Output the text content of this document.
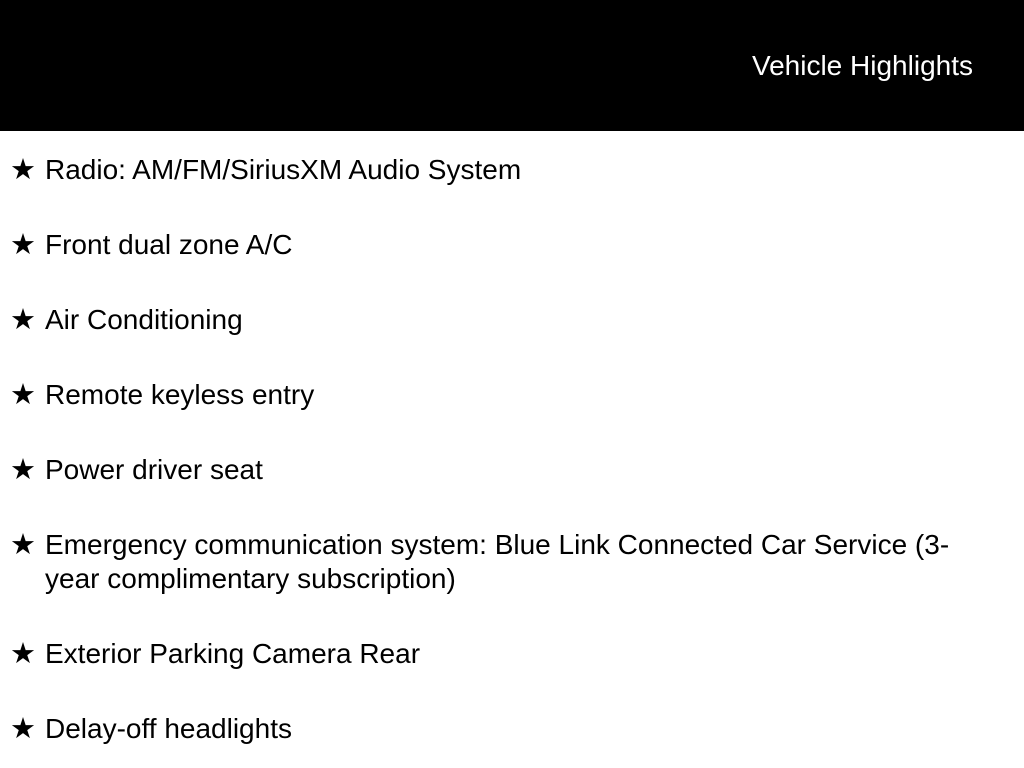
Vehicle Highlights
★ Radio: AM/FM/SiriusXM Audio System
★ Front dual zone A/C
★ Air Conditioning
★ Remote keyless entry
★ Power driver seat
★ Emergency communication system: Blue Link Connected Car Service (3-year complimentary subscription)
★ Exterior Parking Camera Rear
★ Delay-off headlights
